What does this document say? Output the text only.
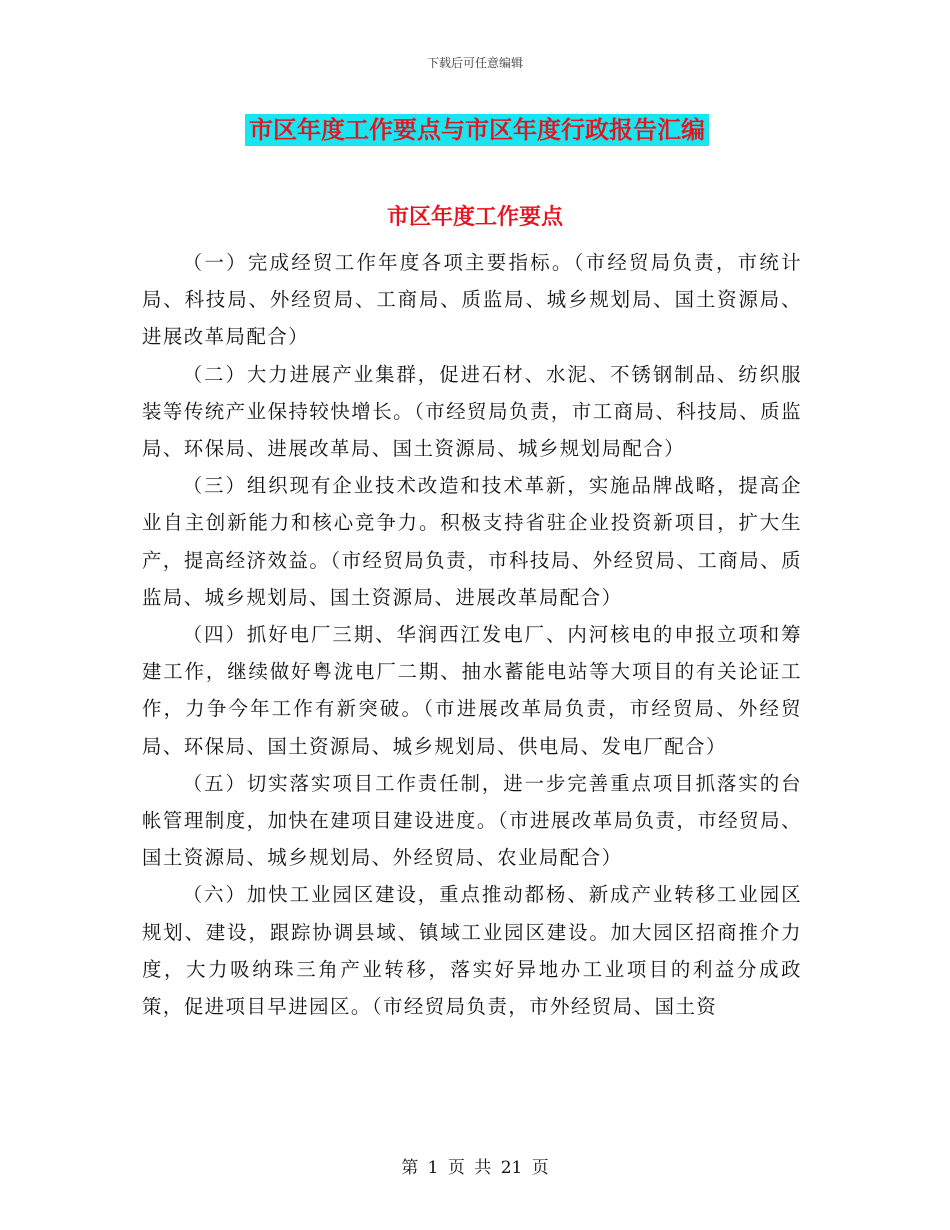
下载后可任意编辑
市区年度工作要点与市区年度行政报告汇编
市区年度工作要点

（一）完成经贸工作年度各项主要指标。（市经贸局负责，市统计局、科技局、外经贸局、工商局、质监局、城乡规划局、国土资源局、进展改革局配合）

（二）大力进展产业集群，促进石材、水泥、不锈钢制品、纺织服装等传统产业保持较快增长。（市经贸局负责，市工商局、科技局、质监局、环保局、进展改革局、国土资源局、城乡规划局配合）

（三）组织现有企业技术改造和技术革新，实施品牌战略，提高企业自主创新能力和核心竞争力。积极支持省驻企业投资新项目，扩大生产，提高经济效益。（市经贸局负责，市科技局、外经贸局、工商局、质监局、城乡规划局、国土资源局、进展改革局配合）

（四）抓好电厂三期、华润西江发电厂、内河核电的申报立项和筹建工作，继续做好粤泷电厂二期、抽水蓄能电站等大项目的有关论证工作，力争今年工作有新突破。（市进展改革局负责，市经贸局、外经贸局、环保局、国土资源局、城乡规划局、供电局、发电厂配合）

（五）切实落实项目工作责任制，进一步完善重点项目抓落实的台帐管理制度，加快在建项目建设进度。（市进展改革局负责，市经贸局、国土资源局、城乡规划局、外经贸局、农业局配合）

（六）加快工业园区建设，重点推动都杨、新成产业转移工业园区规划、建设，跟踪协调县域、镇域工业园区建设。加大园区招商推介力度，大力吸纳珠三角产业转移，落实好异地办工业项目的利益分成政策，促进项目早进园区。（市经贸局负责，市外经贸局、国土资

第 1 页 共 21 页
